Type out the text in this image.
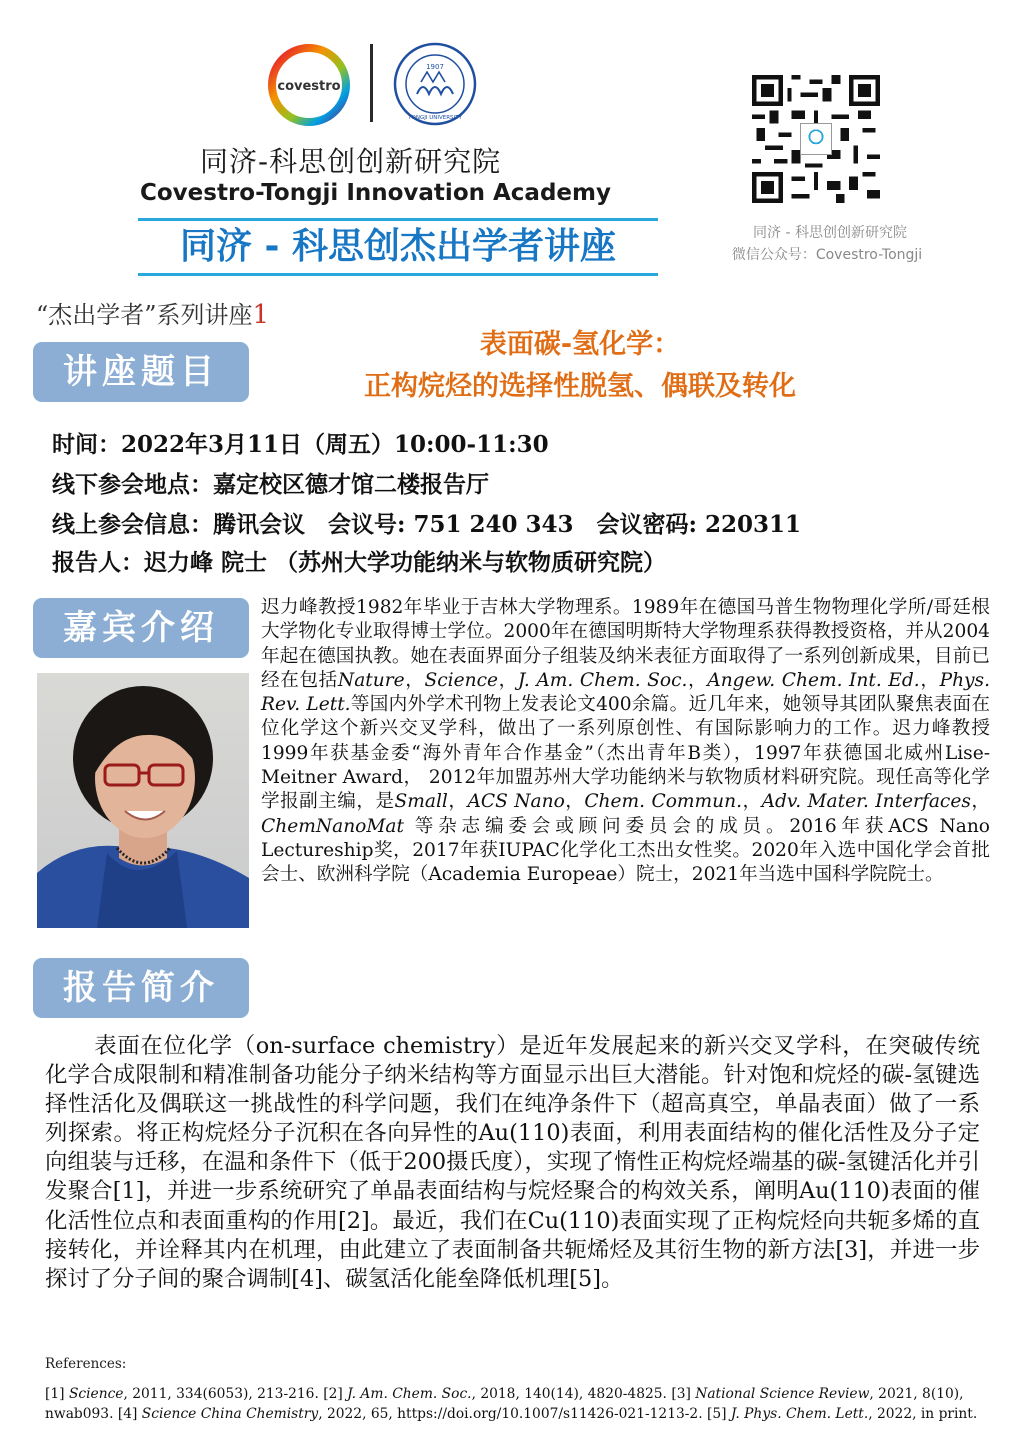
covestro
1907
TONGJI UNIVERSITY
同济-科思创创新研究院
Covestro-Tongji Innovation Academy
同济 - 科思创杰出学者讲座	同济 - 科思创创新研究院
微信公众号：Covestro-Tongji
“杰出学者”系列讲座1
讲座题目
表面碳-氢化学：
正构烷烃的选择性脱氢、偶联及转化
时间：2022年3月11日（周五）10:00-11:30
线下参会地点：嘉定校区德才馆二楼报告厅
线上参会信息：腾讯会议　会议号: 751 240 343　会议密码: 220311
报告人：迟力峰 院士 （苏州大学功能纳米与软物质研究院）
嘉宾介绍
迟力峰教授1982年毕业于吉林大学物理系。1989年在德国马普生物物理化学所/哥廷根大学物化专业取得博士学位。2000年在德国明斯特大学物理系获得教授资格，并从2004年起在德国执教。她在表面界面分子组装及纳米表征方面取得了一系列创新成果，目前已经在包括Nature，Science，J. Am. Chem. Soc.，Angew. Chem. Int. Ed.，Phys. Rev. Lett.等国内外学术刊物上发表论文400余篇。近几年来，她领导其团队聚焦表面在位化学这个新兴交叉学科，做出了一系列原创性、有国际影响力的工作。迟力峰教授1999年获基金委“海外青年合作基金”（杰出青年B类），1997年获德国北威州Lise-Meitner Award， 2012年加盟苏州大学功能纳米与软物质材料研究院。现任高等化学学报副主编，是Small，ACS Nano，Chem. Commun.，Adv. Mater. Interfaces，ChemNanoMat 等杂志编委会或顾问委员会的成员。2016年获ACS Nano Lectureship奖，2017年获IUPAC化学化工杰出女性奖。2020年入选中国化学会首批会士、欧洲科学院（Academia Europeae）院士，2021年当选中国科学院院士。
报告简介
表面在位化学（on-surface chemistry）是近年发展起来的新兴交叉学科，在突破传统化学合成限制和精准制备功能分子纳米结构等方面显示出巨大潜能。针对饱和烷烃的碳-氢键选择性活化及偶联这一挑战性的科学问题，我们在纯净条件下（超高真空，单晶表面）做了一系列探索。将正构烷烃分子沉积在各向异性的Au(110)表面，利用表面结构的催化活性及分子定向组装与迁移，在温和条件下（低于200摄氏度），实现了惰性正构烷烃端基的碳-氢键活化并引发聚合[1]，并进一步系统研究了单晶表面结构与烷烃聚合的构效关系，阐明Au(110)表面的催化活性位点和表面重构的作用[2]。最近，我们在Cu(110)表面实现了正构烷烃向共轭多烯的直接转化，并诠释其内在机理，由此建立了表面制备共轭烯烃及其衍生物的新方法[3]，并进一步探讨了分子间的聚合调制[4]、碳氢活化能垒降低机理[5]。
References:
[1] Science, 2011, 334(6053), 213-216. [2] J. Am. Chem. Soc., 2018, 140(14), 4820-4825. [3] National Science Review, 2021, 8(10), nwab093. [4] Science China Chemistry, 2022, 65, https://doi.org/10.1007/s11426-021-1213-2. [5] J. Phys. Chem. Lett., 2022, in print.
